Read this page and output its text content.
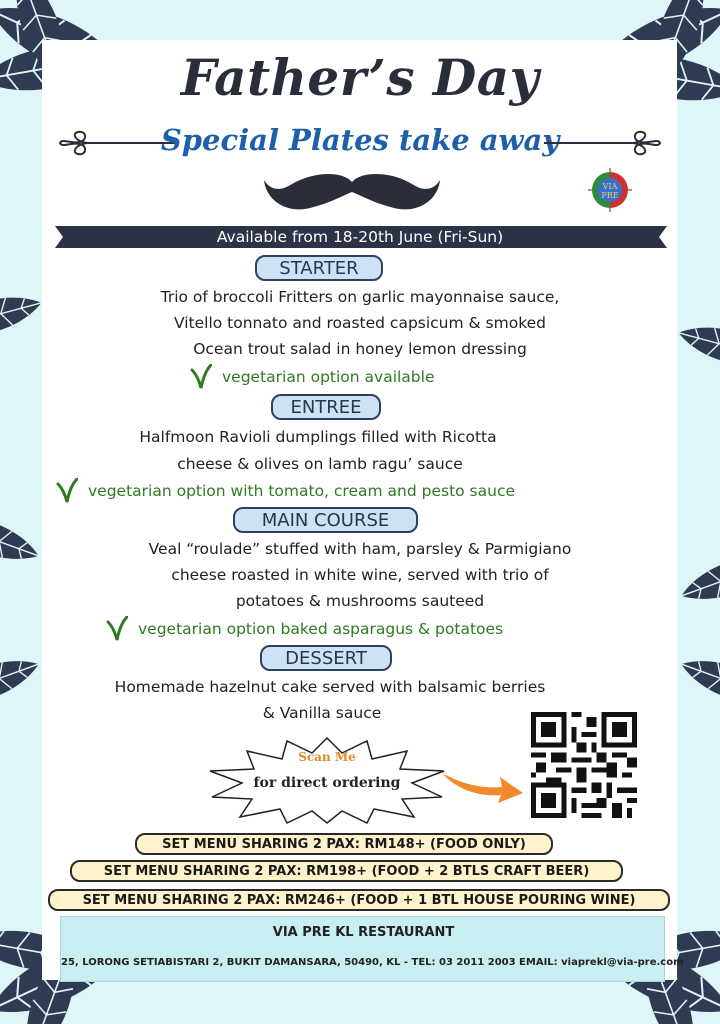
Father’s Day
Special Plates take away
VIA
PRE
Available from 18-20th June (Fri-Sun)
STARTER
Trio of broccoli Fritters on garlic mayonnaise sauce,
Vitello tonnato and roasted capsicum & smoked
Ocean trout salad in honey lemon dressing
vegetarian option available
ENTREE
Halfmoon Ravioli dumplings filled with Ricotta
cheese & olives on lamb ragu’ sauce
vegetarian option with tomato, cream and pesto sauce
MAIN COURSE
Veal “roulade” stuffed with ham, parsley & Parmigiano
cheese roasted in white wine, served with trio of
potatoes & mushrooms sauteed
vegetarian option baked asparagus & potatoes
DESSERT
Homemade hazelnut cake served with balsamic berries
& Vanilla sauce
Scan Me
for direct ordering
SET MENU SHARING 2 PAX: RM148+ (FOOD ONLY)
SET MENU SHARING 2 PAX: RM198+ (FOOD + 2 BTLS CRAFT BEER)
SET MENU SHARING 2 PAX: RM246+ (FOOD + 1 BTL HOUSE POURING WINE)
VIA PRE KL RESTAURANT
25, LORONG SETIABISTARI 2, BUKIT DAMANSARA, 50490, KL - TEL: 03 2011 2003 EMAIL: viaprekl@via-pre.com
